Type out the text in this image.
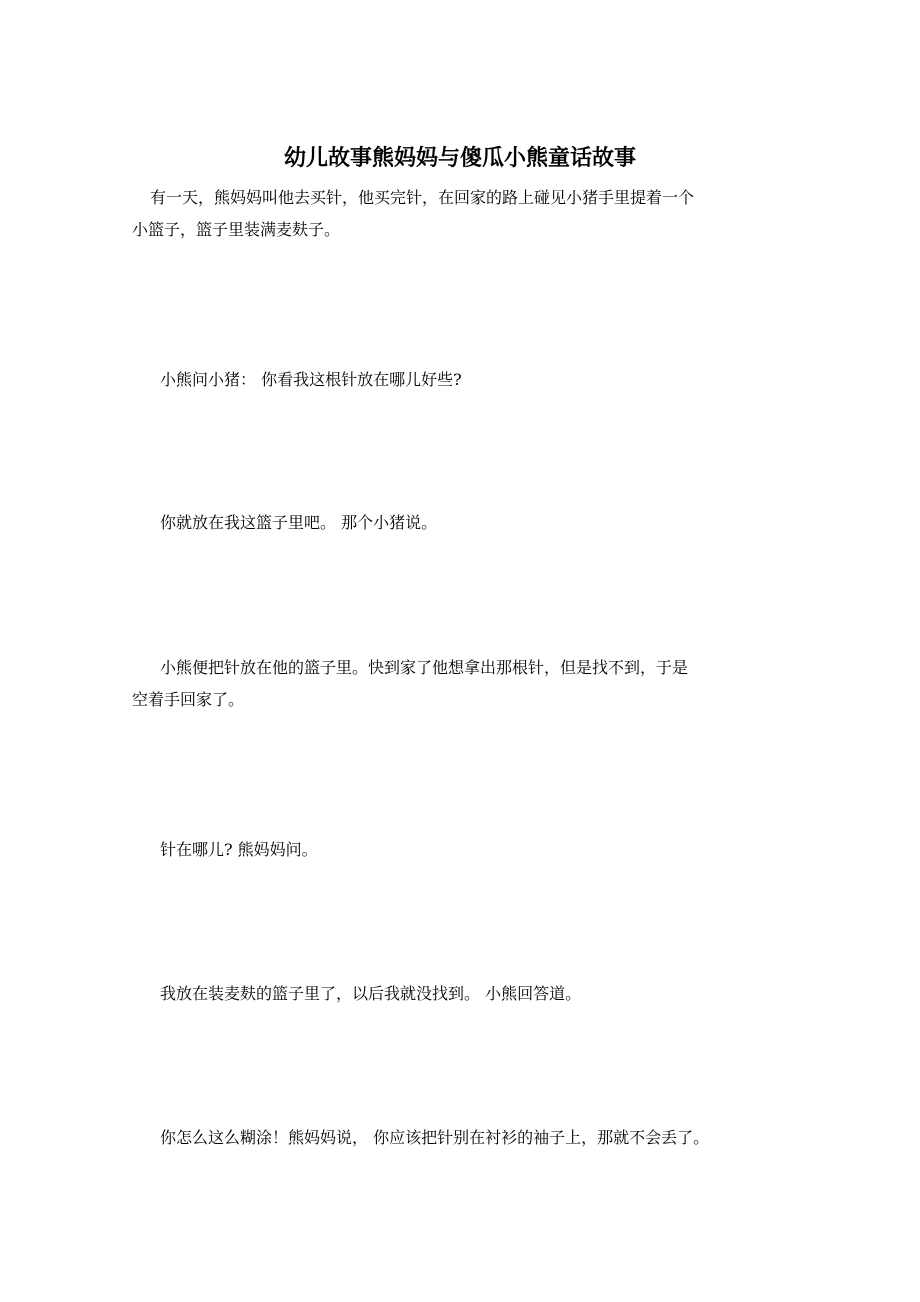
幼儿故事熊妈妈与傻瓜小熊童话故事
有一天，熊妈妈叫他去买针，他买完针，在回家的路上碰见小猪手里提着一个
小篮子，篮子里装满麦麸子。
小熊问小猪： 你看我这根针放在哪儿好些?
你就放在我这篮子里吧。 那个小猪说。
小熊便把针放在他的篮子里。快到家了他想拿出那根针，但是找不到，于是
空着手回家了。
针在哪儿? 熊妈妈问。
我放在装麦麸的篮子里了，以后我就没找到。 小熊回答道。
你怎么这么糊涂！熊妈妈说， 你应该把针别在衬衫的袖子上，那就不会丢了。
